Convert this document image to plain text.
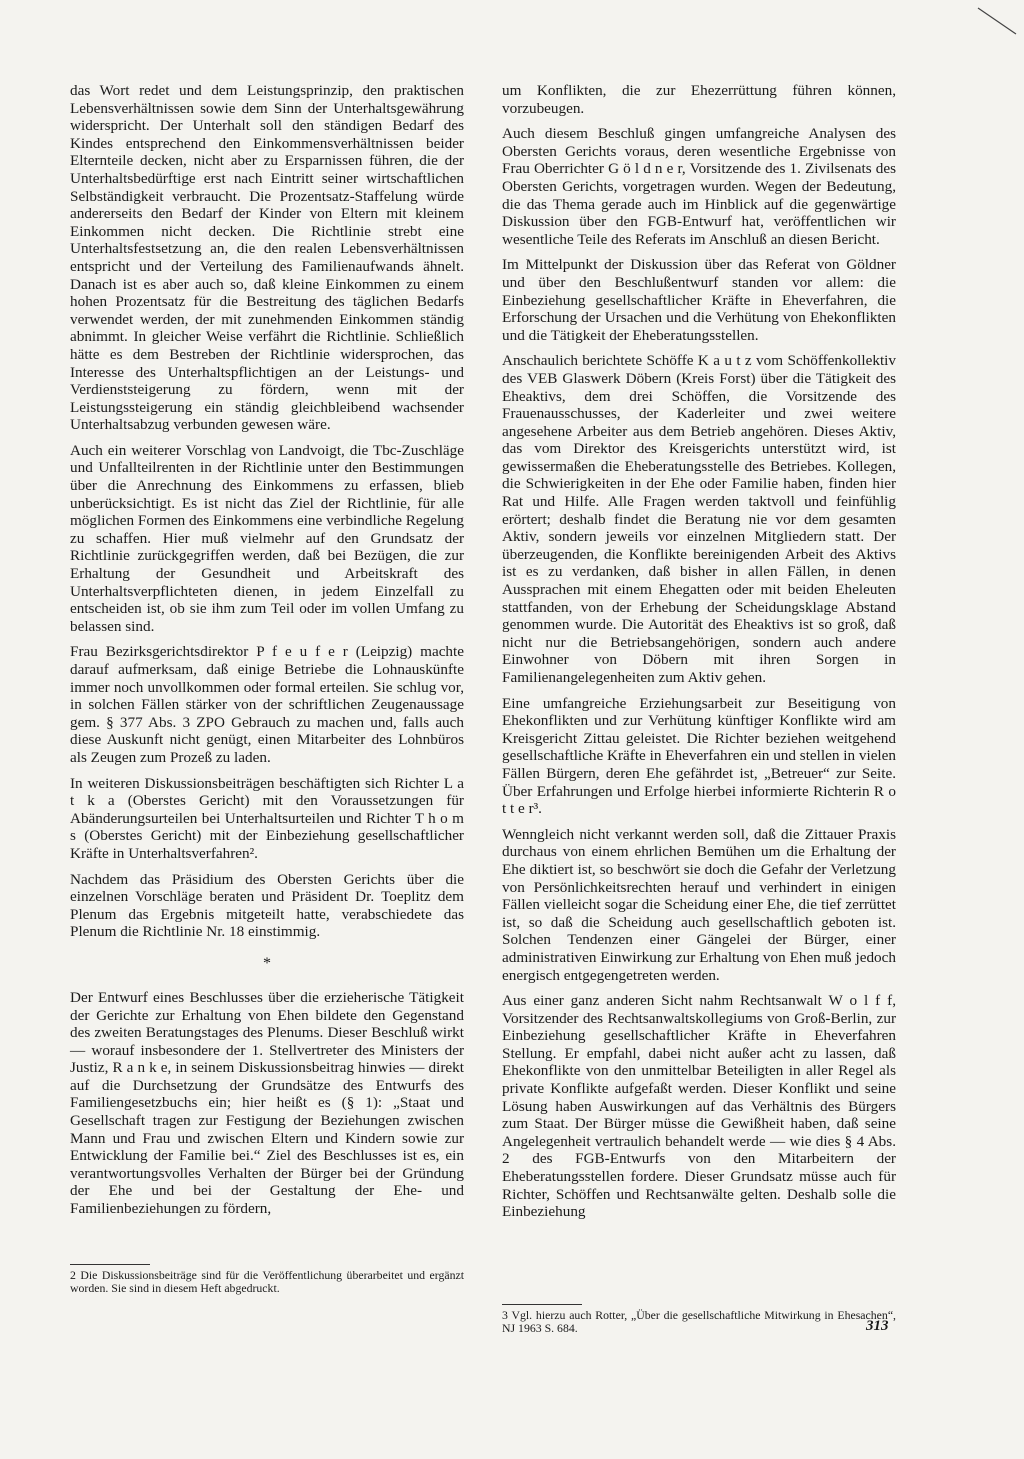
das Wort redet und dem Leistungsprinzip, den praktischen Lebensverhältnissen sowie dem Sinn der Unterhaltsgewährung widerspricht. Der Unterhalt soll den ständigen Bedarf des Kindes entsprechend den Einkommensverhältnissen beider Elternteile decken, nicht aber zu Ersparnissen führen, die der Unterhaltsbedürftige erst nach Eintritt seiner wirtschaftlichen Selbständigkeit verbraucht. Die Prozentsatz-Staffelung würde andererseits den Bedarf der Kinder von Eltern mit kleinem Einkommen nicht decken. Die Richtlinie strebt eine Unterhaltsfestsetzung an, die den realen Lebensverhältnissen entspricht und der Verteilung des Familienaufwands ähnelt. Danach ist es aber auch so, daß kleine Einkommen zu einem hohen Prozentsatz für die Bestreitung des täglichen Bedarfs verwendet werden, der mit zunehmenden Einkommen ständig abnimmt. In gleicher Weise verfährt die Richtlinie. Schließlich hätte es dem Bestreben der Richtlinie widersprochen, das Interesse des Unterhaltspflichtigen an der Leistungs- und Verdienststeigerung zu fördern, wenn mit der Leistungssteigerung ein ständig gleichbleibend wachsender Unterhaltsabzug verbunden gewesen wäre.

Auch ein weiterer Vorschlag von Landvoigt, die Tbc-Zuschläge und Unfallteilrenten in der Richtlinie unter den Bestimmungen über die Anrechnung des Einkommens zu erfassen, blieb unberücksichtigt. Es ist nicht das Ziel der Richtlinie, für alle möglichen Formen des Einkommens eine verbindliche Regelung zu schaffen. Hier muß vielmehr auf den Grundsatz der Richtlinie zurückgegriffen werden, daß bei Bezügen, die zur Erhaltung der Gesundheit und Arbeitskraft des Unterhaltsverpflichteten dienen, in jedem Einzelfall zu entscheiden ist, ob sie ihm zum Teil oder im vollen Umfang zu belassen sind.

Frau Bezirksgerichtsdirektor P f e u f e r (Leipzig) machte darauf aufmerksam, daß einige Betriebe die Lohnauskünfte immer noch unvollkommen oder formal erteilen. Sie schlug vor, in solchen Fällen stärker von der schriftlichen Zeugenaussage gem. § 377 Abs. 3 ZPO Gebrauch zu machen und, falls auch diese Auskunft nicht genügt, einen Mitarbeiter des Lohnbüros als Zeugen zum Prozeß zu laden.

In weiteren Diskussionsbeiträgen beschäftigten sich Richter L a t k a (Oberstes Gericht) mit den Voraussetzungen für Abänderungsurteilen bei Unterhaltsurteilen und Richter T h o m s (Oberstes Gericht) mit der Einbeziehung gesellschaftlicher Kräfte in Unterhaltsverfahren².

Nachdem das Präsidium des Obersten Gerichts über die einzelnen Vorschläge beraten und Präsident Dr. Toeplitz dem Plenum das Ergebnis mitgeteilt hatte, verabschiedete das Plenum die Richtlinie Nr. 18 einstimmig.

*

Der Entwurf eines Beschlusses über die erzieherische Tätigkeit der Gerichte zur Erhaltung von Ehen bildete den Gegenstand des zweiten Beratungstages des Plenums. Dieser Beschluß wirkt — worauf insbesondere der 1. Stellvertreter des Ministers der Justiz, R a n k e, in seinem Diskussionsbeitrag hinwies — direkt auf die Durchsetzung der Grundsätze des Entwurfs des Familiengesetzbuchs ein; hier heißt es (§ 1): „Staat und Gesellschaft tragen zur Festigung der Beziehungen zwischen Mann und Frau und zwischen Eltern und Kindern sowie zur Entwicklung der Familie bei.“ Ziel des Beschlusses ist es, ein verantwortungsvolles Verhalten der Bürger bei der Gründung der Ehe und bei der Gestaltung der Ehe- und Familienbeziehungen zu fördern,

2 Die Diskussionsbeiträge sind für die Veröffentlichung überarbeitet und ergänzt worden. Sie sind in diesem Heft abgedruckt.

um Konflikten, die zur Ehezerrüttung führen können, vorzubeugen.

Auch diesem Beschluß gingen umfangreiche Analysen des Obersten Gerichts voraus, deren wesentliche Ergebnisse von Frau Oberrichter G ö l d n e r, Vorsitzende des 1. Zivilsenats des Obersten Gerichts, vorgetragen wurden. Wegen der Bedeutung, die das Thema gerade auch im Hinblick auf die gegenwärtige Diskussion über den FGB-Entwurf hat, veröffentlichen wir wesentliche Teile des Referats im Anschluß an diesen Bericht.

Im Mittelpunkt der Diskussion über das Referat von Göldner und über den Beschlußentwurf standen vor allem: die Einbeziehung gesellschaftlicher Kräfte in Eheverfahren, die Erforschung der Ursachen und die Verhütung von Ehekonflikten und die Tätigkeit der Eheberatungsstellen.

Anschaulich berichtete Schöffe K a u t z vom Schöffenkollektiv des VEB Glaswerk Döbern (Kreis Forst) über die Tätigkeit des Eheaktivs, dem drei Schöffen, die Vorsitzende des Frauenausschusses, der Kaderleiter und zwei weitere angesehene Arbeiter aus dem Betrieb angehören. Dieses Aktiv, das vom Direktor des Kreisgerichts unterstützt wird, ist gewissermaßen die Eheberatungsstelle des Betriebes. Kollegen, die Schwierigkeiten in der Ehe oder Familie haben, finden hier Rat und Hilfe. Alle Fragen werden taktvoll und feinfühlig erörtert; deshalb findet die Beratung nie vor dem gesamten Aktiv, sondern jeweils vor einzelnen Mitgliedern statt. Der überzeugenden, die Konflikte bereinigenden Arbeit des Aktivs ist es zu verdanken, daß bisher in allen Fällen, in denen Aussprachen mit einem Ehegatten oder mit beiden Eheleuten stattfanden, von der Erhebung der Scheidungsklage Abstand genommen wurde. Die Autorität des Eheaktivs ist so groß, daß nicht nur die Betriebsangehörigen, sondern auch andere Einwohner von Döbern mit ihren Sorgen in Familienangelegenheiten zum Aktiv gehen.

Eine umfangreiche Erziehungsarbeit zur Beseitigung von Ehekonflikten und zur Verhütung künftiger Konflikte wird am Kreisgericht Zittau geleistet. Die Richter beziehen weitgehend gesellschaftliche Kräfte in Eheverfahren ein und stellen in vielen Fällen Bürgern, deren Ehe gefährdet ist, „Betreuer“ zur Seite. Über Erfahrungen und Erfolge hierbei informierte Richterin R o t t e r³.

Wenngleich nicht verkannt werden soll, daß die Zittauer Praxis durchaus von einem ehrlichen Bemühen um die Erhaltung der Ehe diktiert ist, so beschwört sie doch die Gefahr der Verletzung von Persönlichkeitsrechten herauf und verhindert in einigen Fällen vielleicht sogar die Scheidung einer Ehe, die tief zerrüttet ist, so daß die Scheidung auch gesellschaftlich geboten ist. Solchen Tendenzen einer Gängelei der Bürger, einer administrativen Einwirkung zur Erhaltung von Ehen muß jedoch energisch entgegengetreten werden.

Aus einer ganz anderen Sicht nahm Rechtsanwalt W o l f f, Vorsitzender des Rechtsanwaltskollegiums von Groß-Berlin, zur Einbeziehung gesellschaftlicher Kräfte in Eheverfahren Stellung. Er empfahl, dabei nicht außer acht zu lassen, daß Ehekonflikte von den unmittelbar Beteiligten in aller Regel als private Konflikte aufgefaßt werden. Dieser Konflikt und seine Lösung haben Auswirkungen auf das Verhältnis des Bürgers zum Staat. Der Bürger müsse die Gewißheit haben, daß seine Angelegenheit vertraulich behandelt werde — wie dies § 4 Abs. 2 des FGB-Entwurfs von den Mitarbeitern der Eheberatungsstellen fordere. Dieser Grundsatz müsse auch für Richter, Schöffen und Rechtsanwälte gelten. Deshalb solle die Einbeziehung

3 Vgl. hierzu auch Rotter, „Über die gesellschaftliche Mitwirkung in Ehesachen“, NJ 1963 S. 684.	313
